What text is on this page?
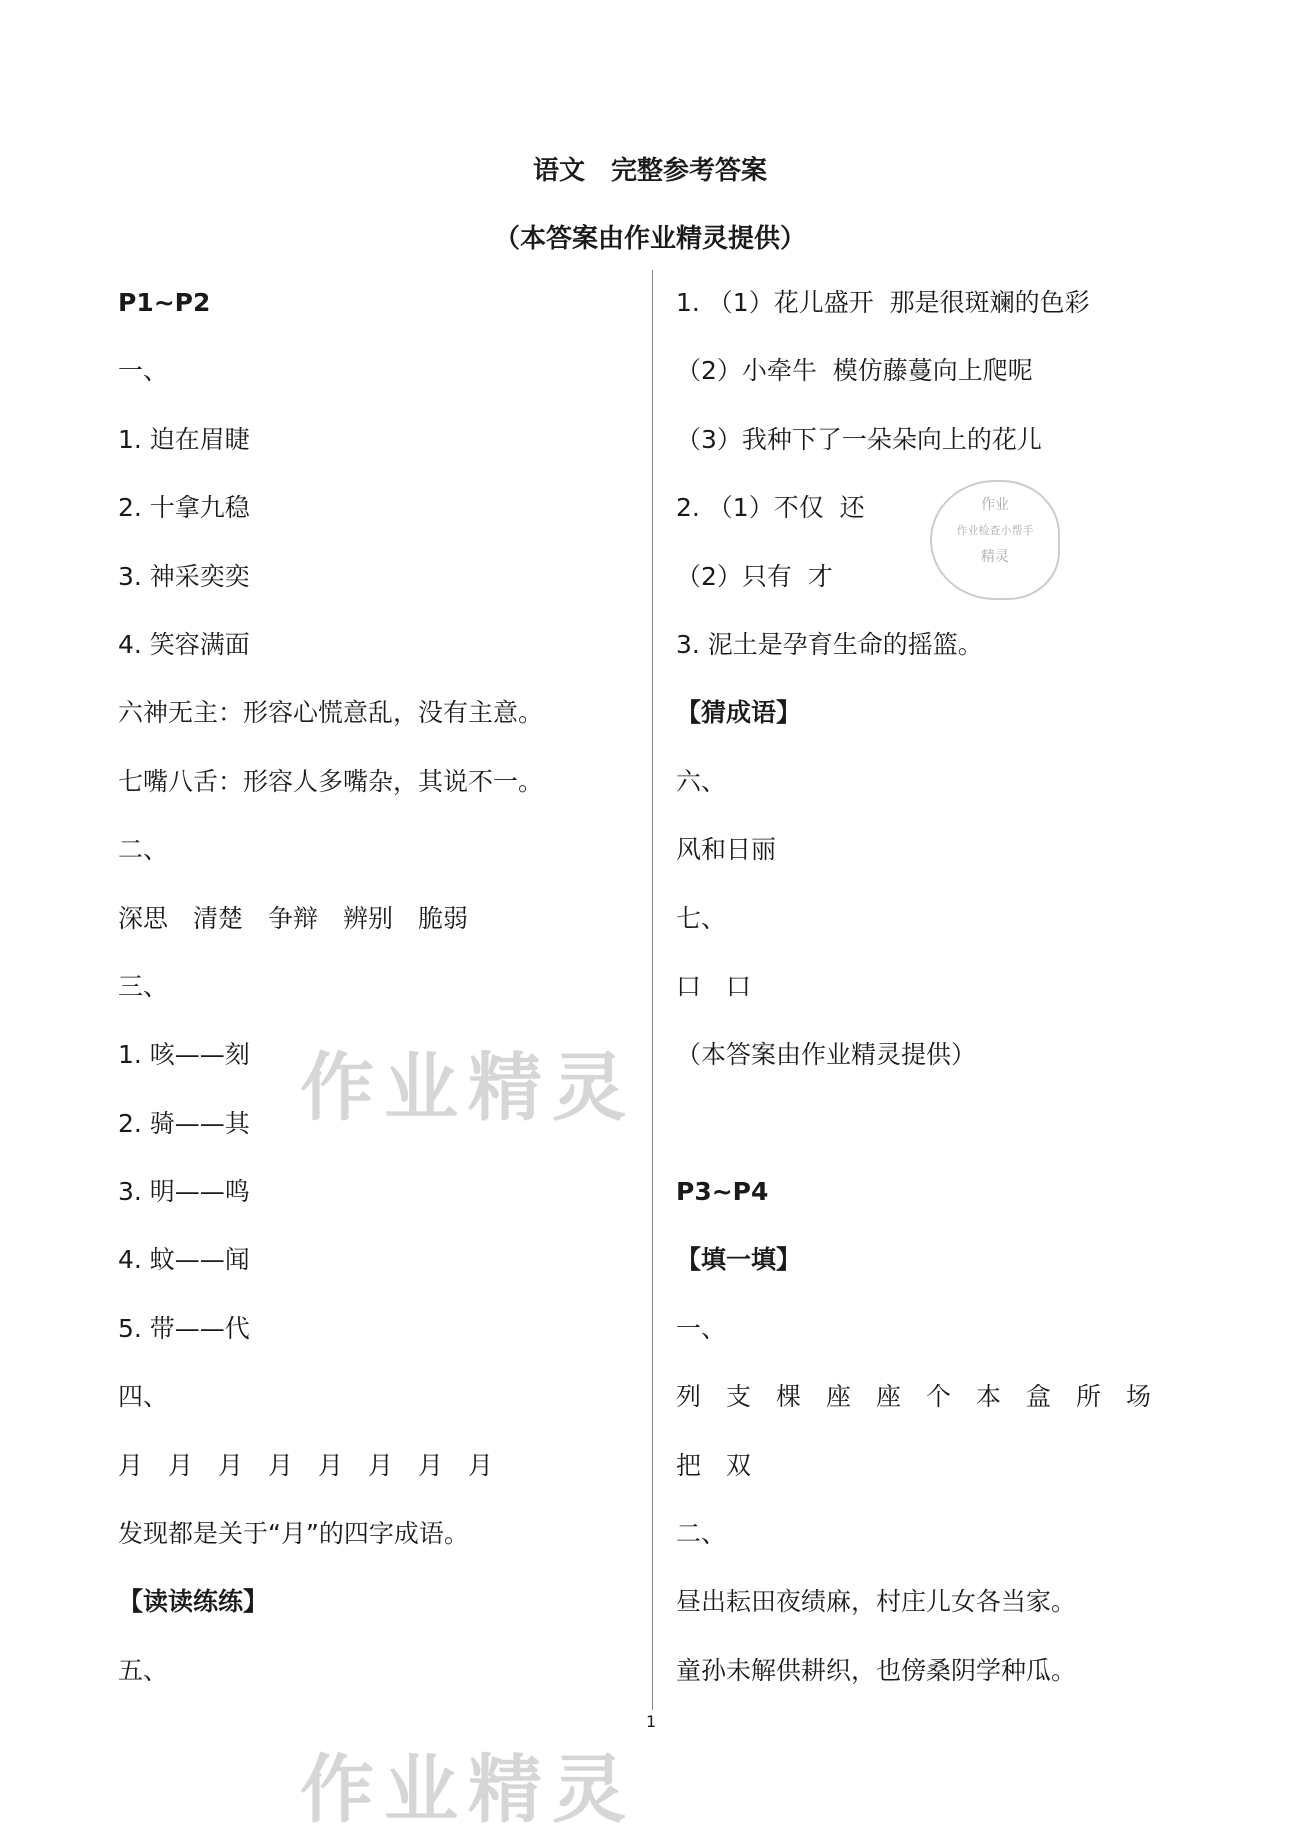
语文　完整参考答案
（本答案由作业精灵提供）
P1~P2
一、
1. 迫在眉睫
2. 十拿九稳
3. 神采奕奕
4. 笑容满面
六神无主：形容心慌意乱，没有主意。
七嘴八舌：形容人多嘴杂，其说不一。
二、
深思　清楚　争辩　辨别　脆弱
三、
1. 咳——刻
2. 骑——其
3. 明——鸣
4. 蚊——闻
5. 带——代
四、
月　月　月　月　月　月　月　月
发现都是关于“月”的四字成语。
【读读练练】
五、
1. （1）花儿盛开  那是很斑斓的色彩
（2）小牵牛  模仿藤蔓向上爬呢
（3）我种下了一朵朵向上的花儿
2. （1）不仅  还
（2）只有  才
3. 泥土是孕育生命的摇篮。
【猜成语】
六、
风和日丽
七、
口　口
（本答案由作业精灵提供）
P3~P4
【填一填】
一、
列　支　棵　座　座　个　本　盒　所　场
把　双
二、
昼出耘田夜绩麻，村庄儿女各当家。
童孙未解供耕织，也傍桑阴学种瓜。
1
作业精灵
作业精灵
作业
作业检查小帮手
精灵
